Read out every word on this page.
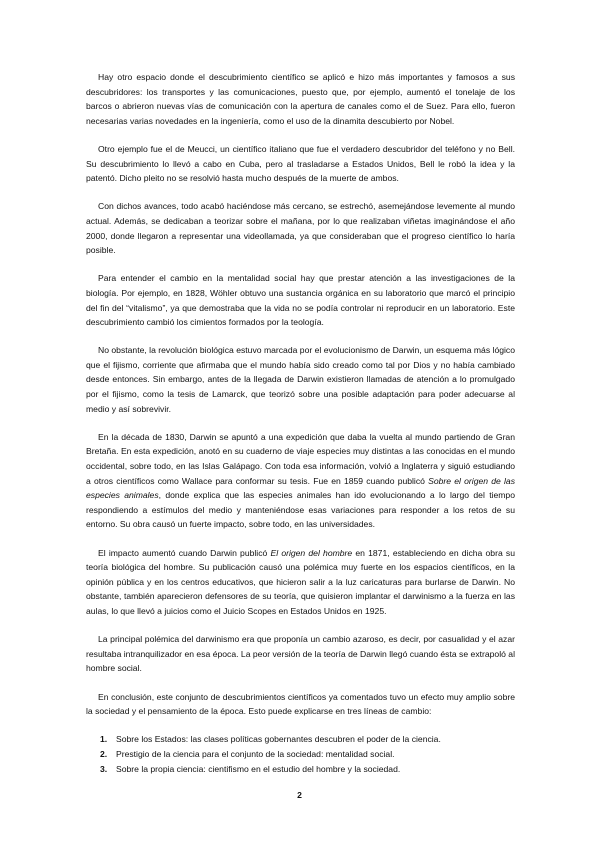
Hay otro espacio donde el descubrimiento científico se aplicó e hizo más importantes y famosos a sus descubridores: los transportes y las comunicaciones, puesto que, por ejemplo, aumentó el tonelaje de los barcos o abrieron nuevas vías de comunicación con la apertura de canales como el de Suez. Para ello, fueron necesarias varias novedades en la ingeniería, como el uso de la dinamita descubierto por Nobel.

Otro ejemplo fue el de Meucci, un científico italiano que fue el verdadero descubridor del teléfono y no Bell. Su descubrimiento lo llevó a cabo en Cuba, pero al trasladarse a Estados Unidos, Bell le robó la idea y la patentó. Dicho pleito no se resolvió hasta mucho después de la muerte de ambos.

Con dichos avances, todo acabó haciéndose más cercano, se estrechó, asemejándose levemente al mundo actual. Además, se dedicaban a teorizar sobre el mañana, por lo que realizaban viñetas imaginándose el año 2000, donde llegaron a representar una videollamada, ya que consideraban que el progreso científico lo haría posible.

Para entender el cambio en la mentalidad social hay que prestar atención a las investigaciones de la biología. Por ejemplo, en 1828, Wöhler obtuvo una sustancia orgánica en su laboratorio que marcó el principio del fin del “vitalismo”, ya que demostraba que la vida no se podía controlar ni reproducir en un laboratorio. Este descubrimiento cambió los cimientos formados por la teología.

No obstante, la revolución biológica estuvo marcada por el evolucionismo de Darwin, un esquema más lógico que el fijismo, corriente que afirmaba que el mundo había sido creado como tal por Dios y no había cambiado desde entonces. Sin embargo, antes de la llegada de Darwin existieron llamadas de atención a lo promulgado por el fijismo, como la tesis de Lamarck, que teorizó sobre una posible adaptación para poder adecuarse al medio y así sobrevivir.

En la década de 1830, Darwin se apuntó a una expedición que daba la vuelta al mundo partiendo de Gran Bretaña. En esta expedición, anotó en su cuaderno de viaje especies muy distintas a las conocidas en el mundo occidental, sobre todo, en las Islas Galápago. Con toda esa información, volvió a Inglaterra y siguió estudiando a otros científicos como Wallace para conformar su tesis. Fue en 1859 cuando publicó Sobre el origen de las especies animales, donde explica que las especies animales han ido evolucionando a lo largo del tiempo respondiendo a estímulos del medio y manteniéndose esas variaciones para responder a los retos de su entorno. Su obra causó un fuerte impacto, sobre todo, en las universidades.

El impacto aumentó cuando Darwin publicó El origen del hombre en 1871, estableciendo en dicha obra su teoría biológica del hombre. Su publicación causó una polémica muy fuerte en los espacios científicos, en la opinión pública y en los centros educativos, que hicieron salir a la luz caricaturas para burlarse de Darwin. No obstante, también aparecieron defensores de su teoría, que quisieron implantar el darwinismo a la fuerza en las aulas, lo que llevó a juicios como el Juicio Scopes en Estados Unidos en 1925.

La principal polémica del darwinismo era que proponía un cambio azaroso, es decir, por casualidad y el azar resultaba intranquilizador en esa época. La peor versión de la teoría de Darwin llegó cuando ésta se extrapoló al hombre social.

En conclusión, este conjunto de descubrimientos científicos ya comentados tuvo un efecto muy amplio sobre la sociedad y el pensamiento de la época. Esto puede explicarse en tres líneas de cambio:

1. Sobre los Estados: las clases políticas gobernantes descubren el poder de la ciencia.
2. Prestigio de la ciencia para el conjunto de la sociedad: mentalidad social.
3. Sobre la propia ciencia: cientifismo en el estudio del hombre y la sociedad.
2
